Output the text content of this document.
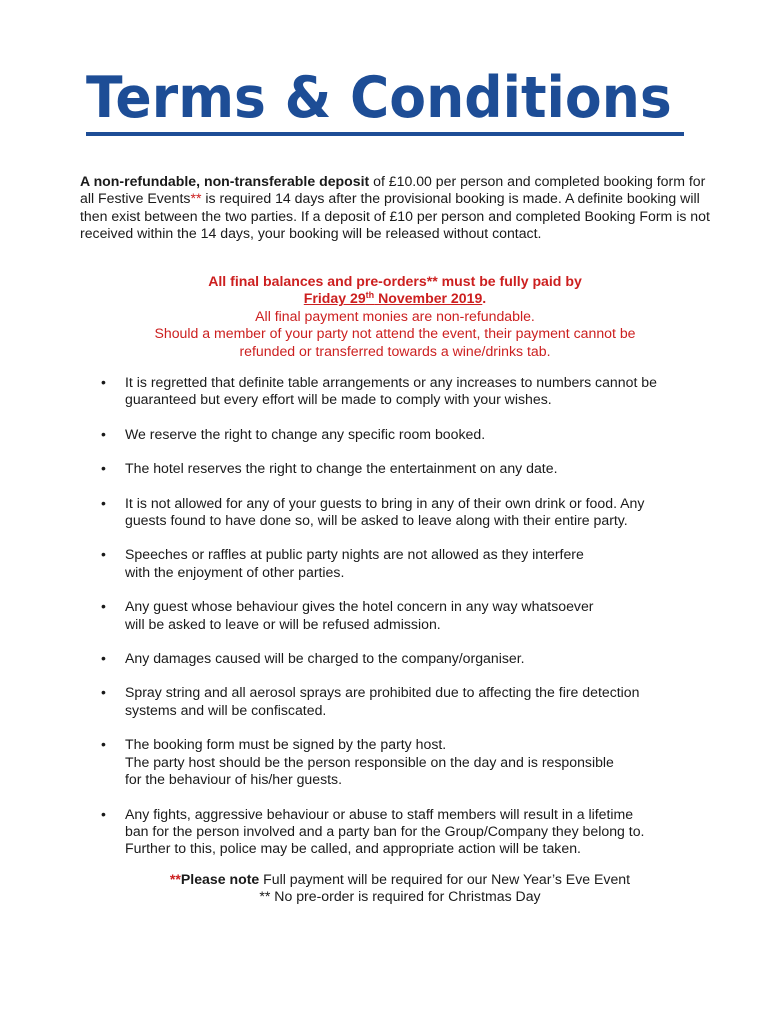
Terms & Conditions

A non-refundable, non-transferable deposit of £10.00 per person and completed booking form for all Festive Events** is required 14 days after the provisional booking is made. A definite booking will then exist between the two parties. If a deposit of £10 per person and completed Booking Form is not received within the 14 days, your booking will be released without contact.

All final balances and pre-orders** must be fully paid by
Friday 29th November 2019.
All final payment monies are non-refundable.
Should a member of your party not attend the event, their payment cannot be
refunded or transferred towards a wine/drinks tab.
• It is regretted that definite table arrangements or any increases to numbers cannot be
guaranteed but every effort will be made to comply with your wishes.
• We reserve the right to change any specific room booked.
• The hotel reserves the right to change the entertainment on any date.
• It is not allowed for any of your guests to bring in any of their own drink or food. Any
guests found to have done so, will be asked to leave along with their entire party.
• Speeches or raffles at public party nights are not allowed as they interfere
with the enjoyment of other parties.
• Any guest whose behaviour gives the hotel concern in any way whatsoever
will be asked to leave or will be refused admission.
• Any damages caused will be charged to the company/organiser.
• Spray string and all aerosol sprays are prohibited due to affecting the fire detection
systems and will be confiscated.
• The booking form must be signed by the party host.
The party host should be the person responsible on the day and is responsible
for the behaviour of his/her guests.
• Any fights, aggressive behaviour or abuse to staff members will result in a lifetime
ban for the person involved and a party ban for the Group/Company they belong to.
Further to this, police may be called, and appropriate action will be taken.
**Please note Full payment will be required for our New Year’s Eve Event
** No pre-order is required for Christmas Day
